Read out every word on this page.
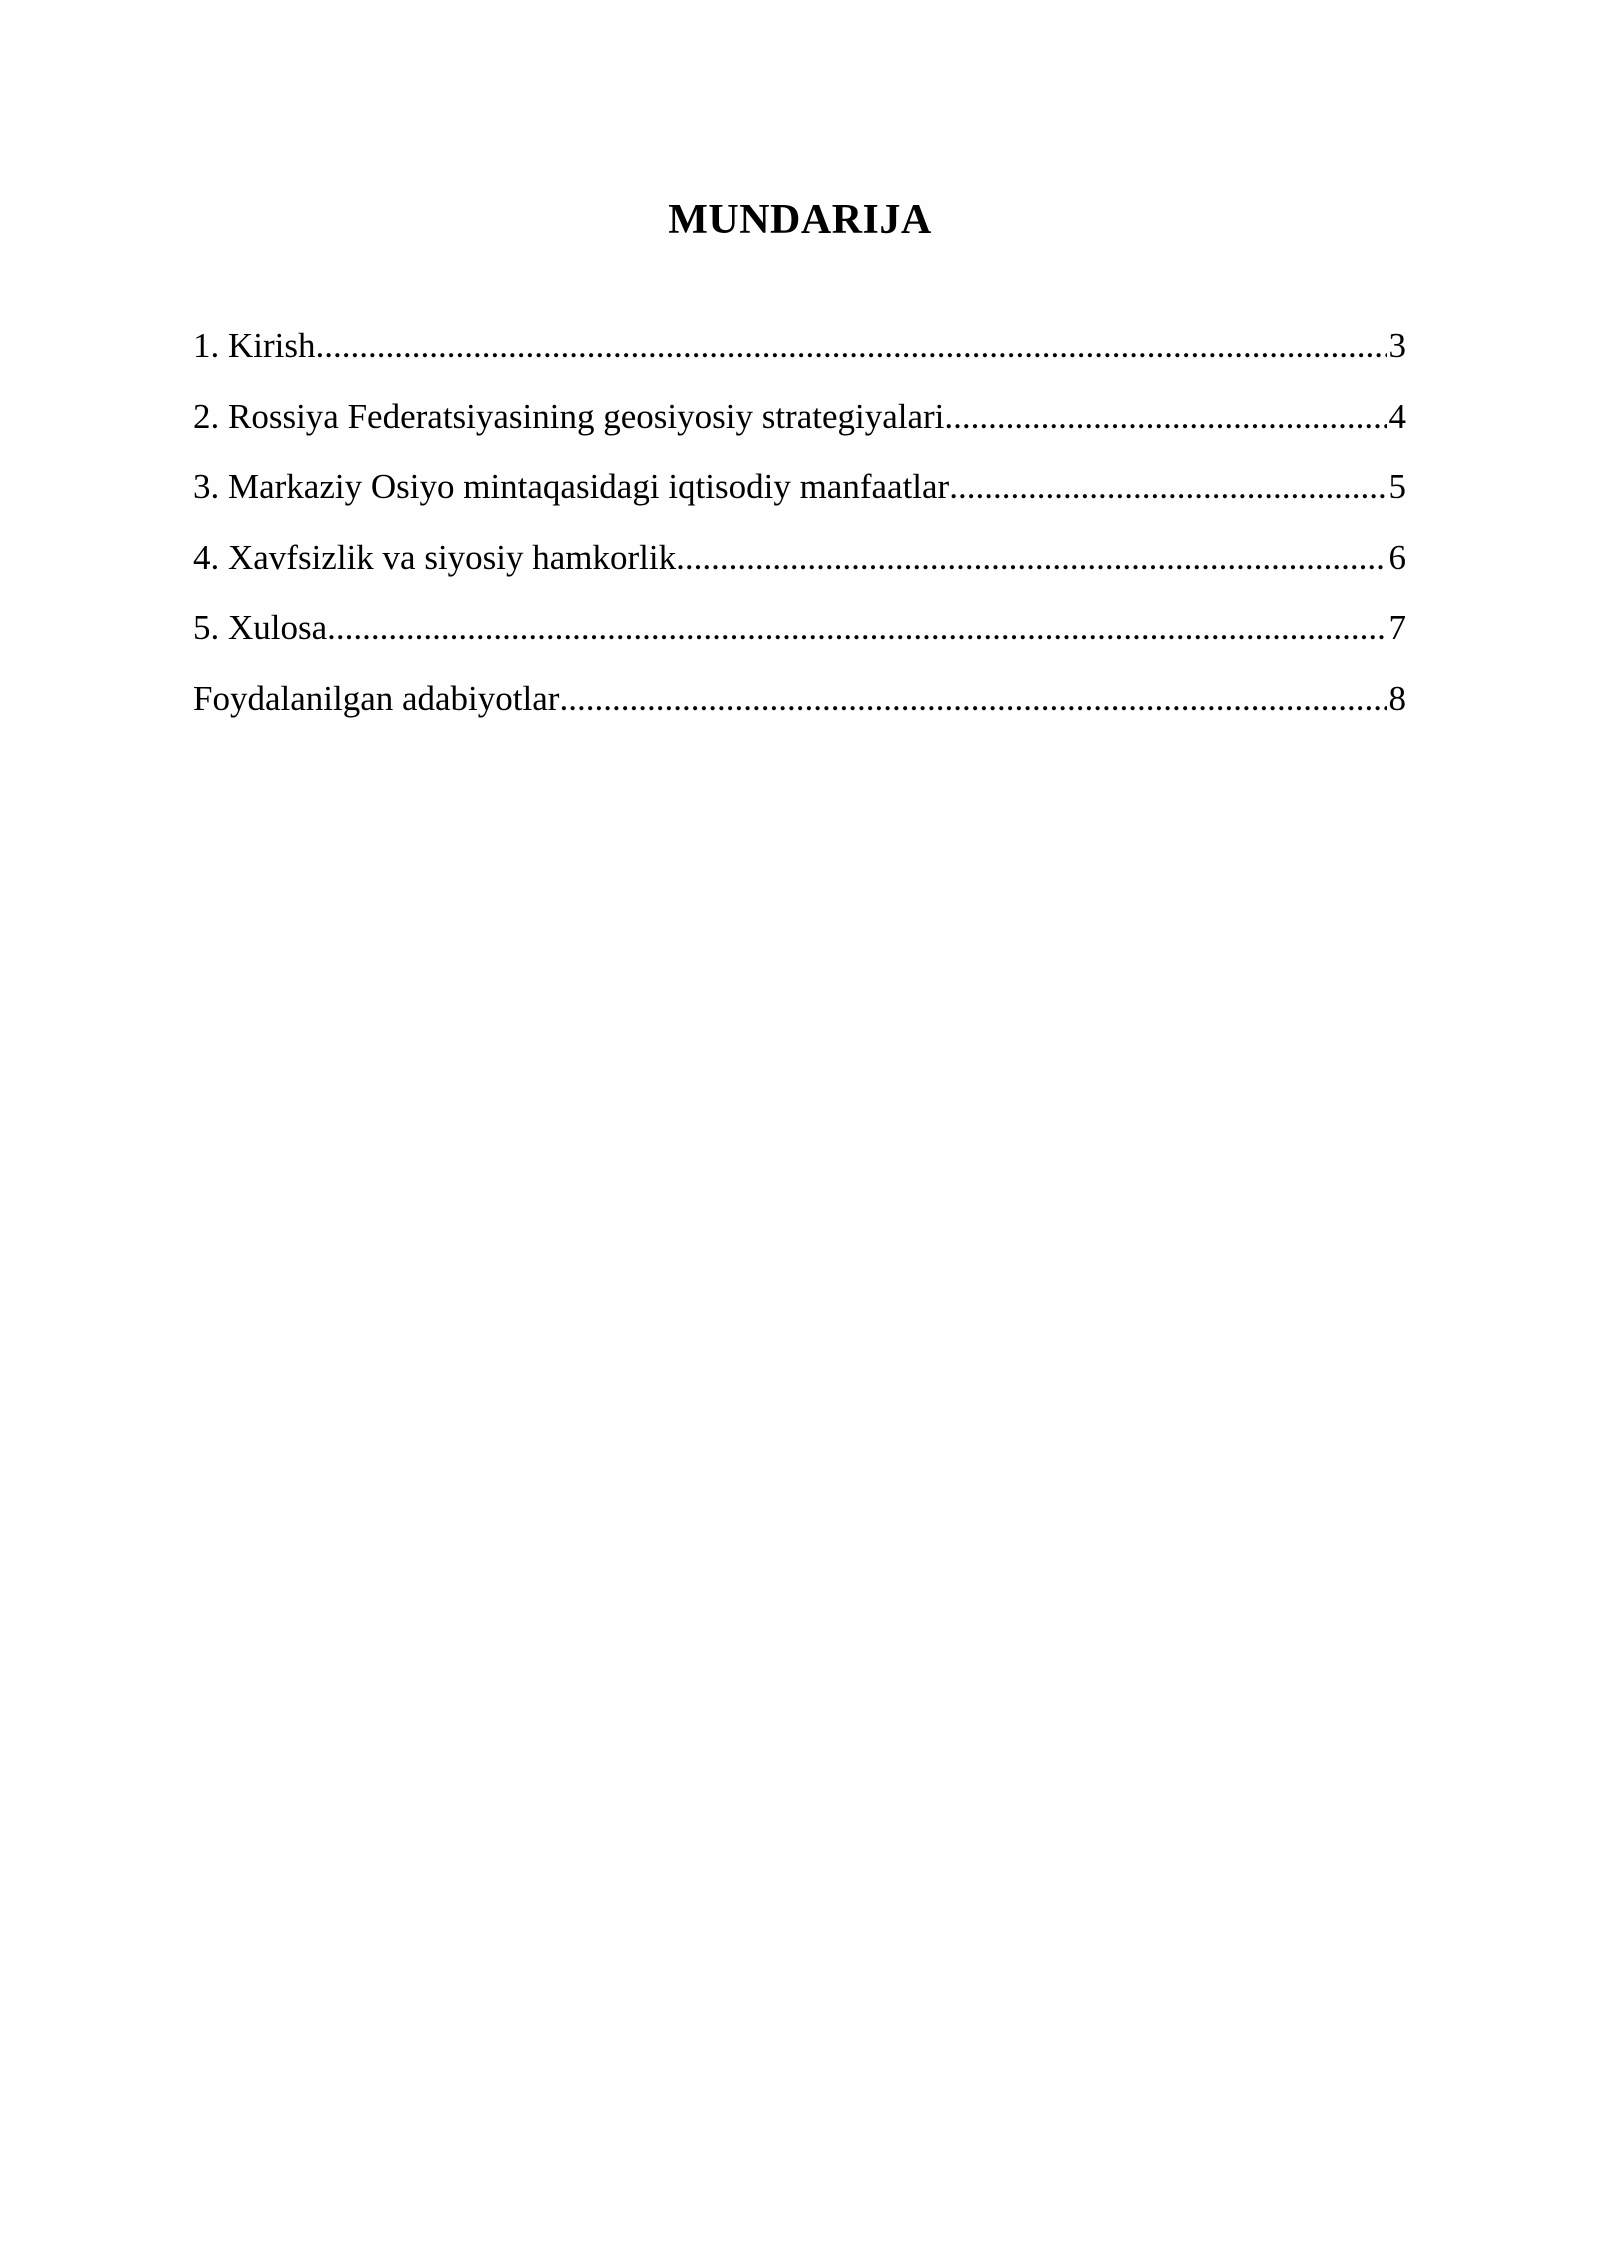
MUNDARIJA
1. Kirish .....	3
2. Rossiya Federatsiyasining geosiyosiy strategiyalari .....	4
3. Markaziy Osiyo mintaqasidagi iqtisodiy manfaatlar .....	5
4. Xavfsizlik va siyosiy hamkorlik .....	6
5. Xulosa .....	7
Foydalanilgan adabiyotlar .....	8
